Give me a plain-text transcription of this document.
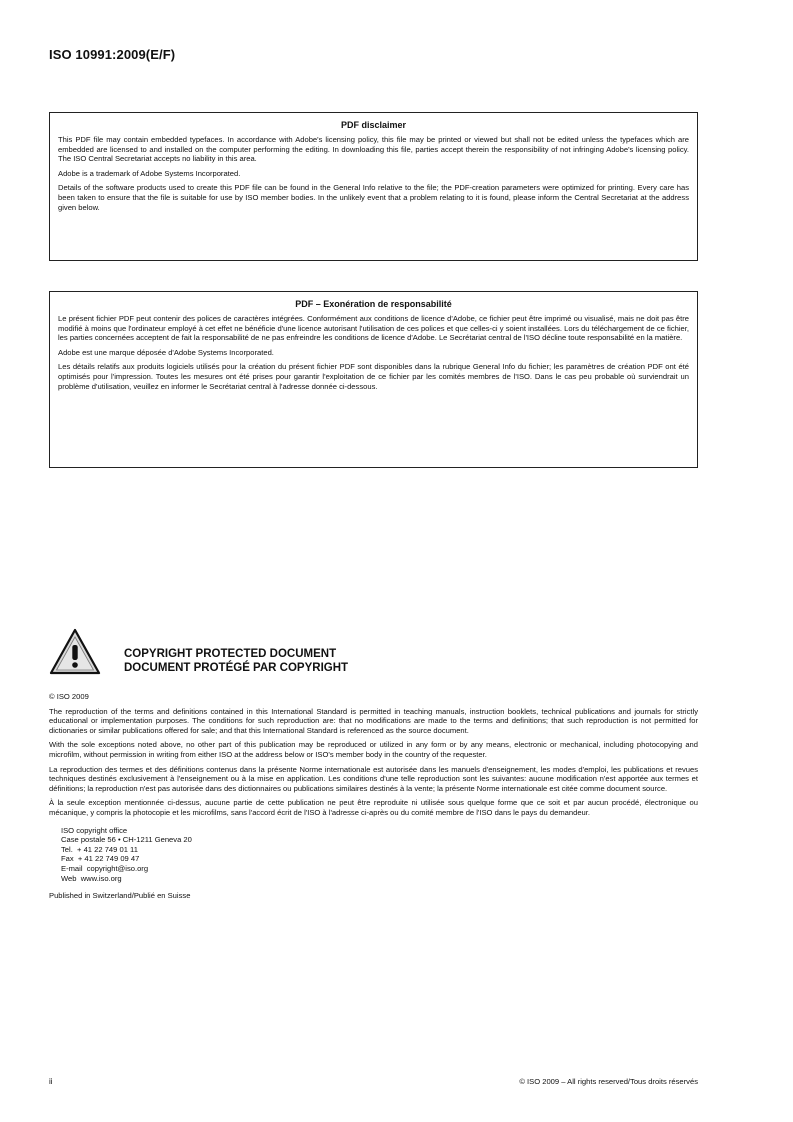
ISO 10991:2009(E/F)
PDF disclaimer

This PDF file may contain embedded typefaces. In accordance with Adobe's licensing policy, this file may be printed or viewed but shall not be edited unless the typefaces which are embedded are licensed to and installed on the computer performing the editing. In downloading this file, parties accept therein the responsibility of not infringing Adobe's licensing policy. The ISO Central Secretariat accepts no liability in this area.

Adobe is a trademark of Adobe Systems Incorporated.

Details of the software products used to create this PDF file can be found in the General Info relative to the file; the PDF-creation parameters were optimized for printing. Every care has been taken to ensure that the file is suitable for use by ISO member bodies. In the unlikely event that a problem relating to it is found, please inform the Central Secretariat at the address given below.

PDF – Exonération de responsabilité

Le présent fichier PDF peut contenir des polices de caractères intégrées. Conformément aux conditions de licence d'Adobe, ce fichier peut être imprimé ou visualisé, mais ne doit pas être modifié à moins que l'ordinateur employé à cet effet ne bénéficie d'une licence autorisant l'utilisation de ces polices et que celles-ci y soient installées. Lors du téléchargement de ce fichier, les parties concernées acceptent de fait la responsabilité de ne pas enfreindre les conditions de licence d'Adobe. Le Secrétariat central de l'ISO décline toute responsabilité en la matière.

Adobe est une marque déposée d'Adobe Systems Incorporated.

Les détails relatifs aux produits logiciels utilisés pour la création du présent fichier PDF sont disponibles dans la rubrique General Info du fichier; les paramètres de création PDF ont été optimisés pour l'impression. Toutes les mesures ont été prises pour garantir l'exploitation de ce fichier par les comités membres de l'ISO. Dans le cas peu probable où surviendrait un problème d'utilisation, veuillez en informer le Secrétariat central à l'adresse donnée ci-dessous.

COPYRIGHT PROTECTED DOCUMENT
DOCUMENT PROTÉGÉ PAR COPYRIGHT

© ISO 2009

The reproduction of the terms and definitions contained in this International Standard is permitted in teaching manuals, instruction booklets, technical publications and journals for strictly educational or implementation purposes. The conditions for such reproduction are: that no modifications are made to the terms and definitions; that such reproduction is not permitted for dictionaries or similar publications offered for sale; and that this International Standard is referenced as the source document.

With the sole exceptions noted above, no other part of this publication may be reproduced or utilized in any form or by any means, electronic or mechanical, including photocopying and microfilm, without permission in writing from either ISO at the address below or ISO's member body in the country of the requester.

La reproduction des termes et des définitions contenus dans la présente Norme internationale est autorisée dans les manuels d'enseignement, les modes d'emploi, les publications et revues techniques destinés exclusivement à l'enseignement ou à la mise en application. Les conditions d'une telle reproduction sont les suivantes: aucune modification n'est apportée aux termes et définitions; la reproduction n'est pas autorisée dans des dictionnaires ou publications similaires destinés à la vente; la présente Norme internationale est citée comme document source.

À la seule exception mentionnée ci-dessus, aucune partie de cette publication ne peut être reproduite ni utilisée sous quelque forme que ce soit et par aucun procédé, électronique ou mécanique, y compris la photocopie et les microfilms, sans l'accord écrit de l'ISO à l'adresse ci-après ou du comité membre de l'ISO dans le pays du demandeur.

ISO copyright office
Case postale 56 • CH-1211 Geneva 20
Tel.  + 41 22 749 01 11
Fax  + 41 22 749 09 47
E-mail  copyright@iso.org
Web  www.iso.org
Published in Switzerland/Publié en Suisse
ii	© ISO 2009 – All rights reserved/Tous droits réservés
